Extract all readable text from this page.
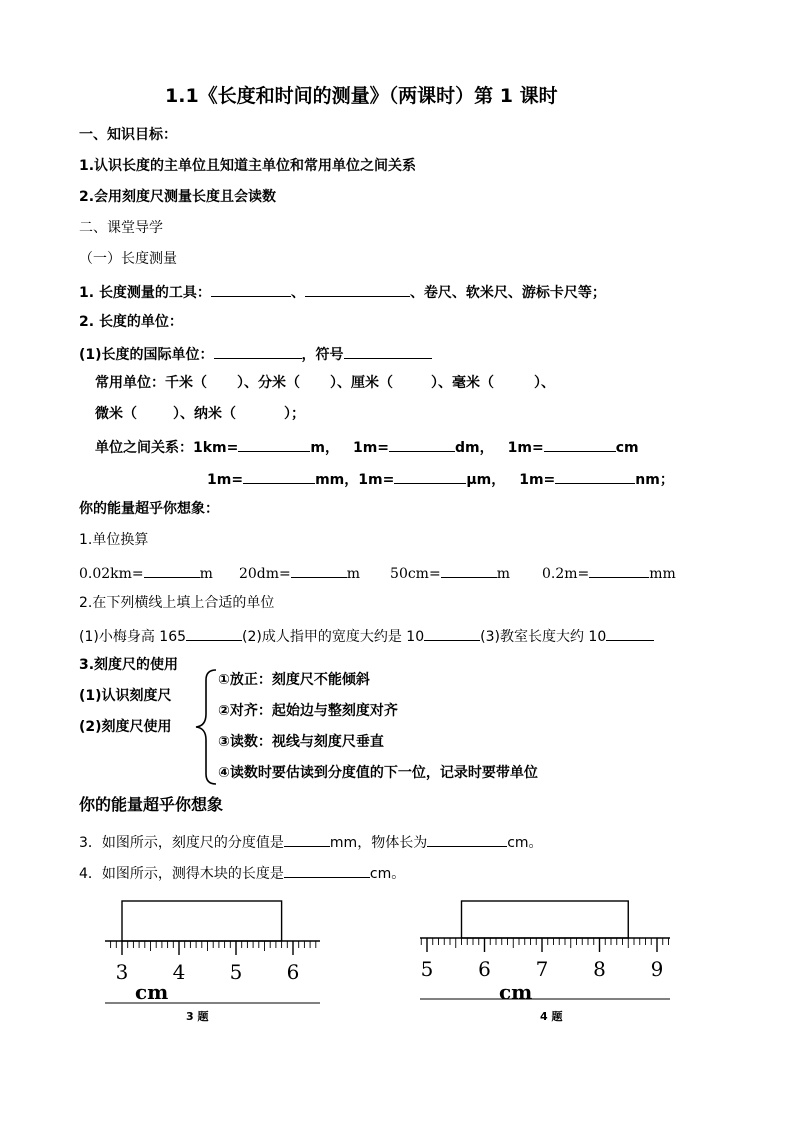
1.1《长度和时间的测量》（两课时）第 1 课时
一、知识目标：
1.认识长度的主单位且知道主单位和常用单位之间关系
2.会用刻度尺测量长度且会读数
二、课堂导学
（一）长度测量
1. 长度测量的工具：	、	、卷尺、软米尺、游标卡尺等；
2. 长度的单位：
(1)长度的国际单位：	，符号
常用单位：千米（ ）、分米（ ）、厘米（	）、毫米（	）、
微米（	）、纳米（	）；
单位之间关系：1km=	m， 1m=	dm， 1m=	cm
1m=	mm，1m=	μm， 1m=	nm；
你的能量超乎你想象：
1.单位换算
0.02km=	m 20dm=	m 50cm=	m 0.2m=	mm
2.在下列横线上填上合适的单位
(1)小梅身高 165	(2)成人指甲的宽度大约是 10	(3)教室长度大约 10
3.刻度尺的使用
(1)认识刻度尺
(2)刻度尺使用
①放正：刻度尺不能倾斜
②对齐：起始边与整刻度对齐
③读数：视线与刻度尺垂直
④读数时要估读到分度值的下一位，记录时要带单位
你的能量超乎你想象
3．如图所示，刻度尺的分度值是	mm，物体长为	cm。
4．如图所示，测得木块的长度是	cm。
3 4 5 6
cm
3 题
5 6 7 8 9
cm
4 题
